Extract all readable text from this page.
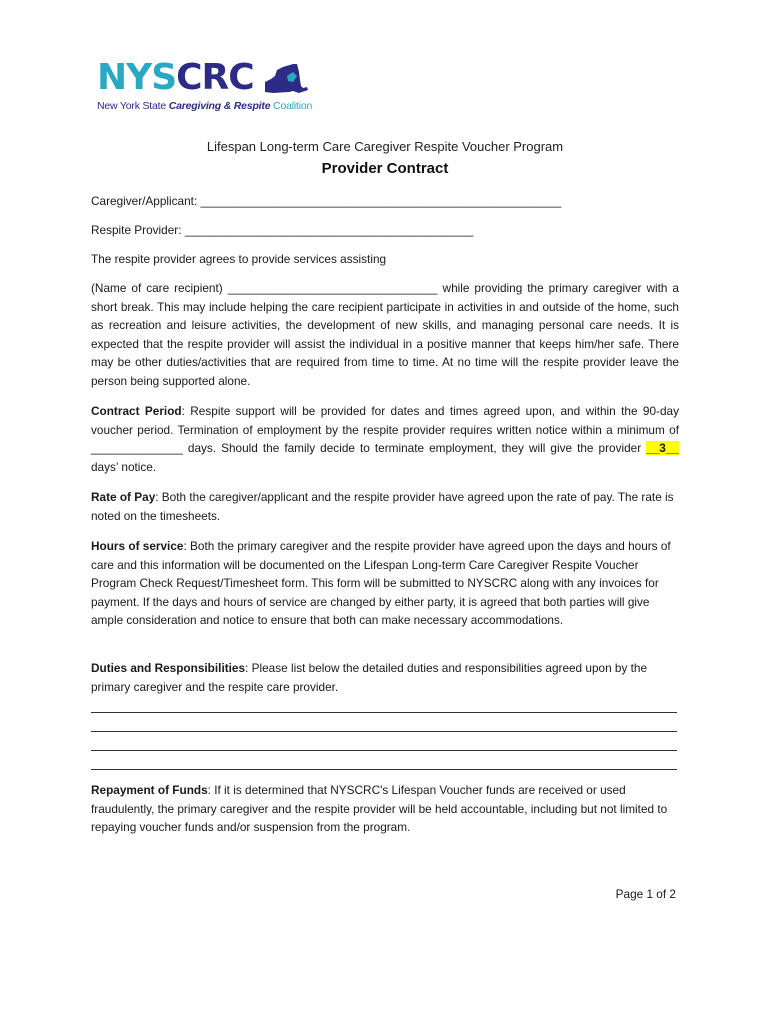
NYSCRC
New York State Caregiving & Respite Coalition
Lifespan Long-term Care Caregiver Respite Voucher Program
Provider Contract
Caregiver/Applicant: _______________________________________________________
Respite Provider: ____________________________________________
The respite provider agrees to provide services assisting
(Name of care recipient) ________________________________ while providing the primary caregiver with a short break. This may include helping the care recipient participate in activities in and outside of the home, such as recreation and leisure activities, the development of new skills, and managing personal care needs. It is expected that the respite provider will assist the individual in a positive manner that keeps him/her safe. There may be other duties/activities that are required from time to time. At no time will the respite provider leave the person being supported alone.
Contract Period: Respite support will be provided for dates and times agreed upon, and within the 90-day voucher period. Termination of employment by the respite provider requires written notice within a minimum of ______________ days. Should the family decide to terminate employment, they will give the provider __3__ days’ notice.
Rate of Pay: Both the caregiver/applicant and the respite provider have agreed upon the rate of pay. The rate is noted on the timesheets.
Hours of service: Both the primary caregiver and the respite provider have agreed upon the days and hours of care and this information will be documented on the Lifespan Long-term Care Caregiver Respite Voucher Program Check Request/Timesheet form. This form will be submitted to NYSCRC along with any invoices for payment. If the days and hours of service are changed by either party, it is agreed that both parties will give ample consideration and notice to ensure that both can make necessary accommodations.
Duties and Responsibilities: Please list below the detailed duties and responsibilities agreed upon by the primary caregiver and the respite care provider.
Repayment of Funds: If it is determined that NYSCRC's Lifespan Voucher funds are received or used fraudulently, the primary caregiver and the respite provider will be held accountable, including but not limited to repaying voucher funds and/or suspension from the program.
Page 1 of 2
